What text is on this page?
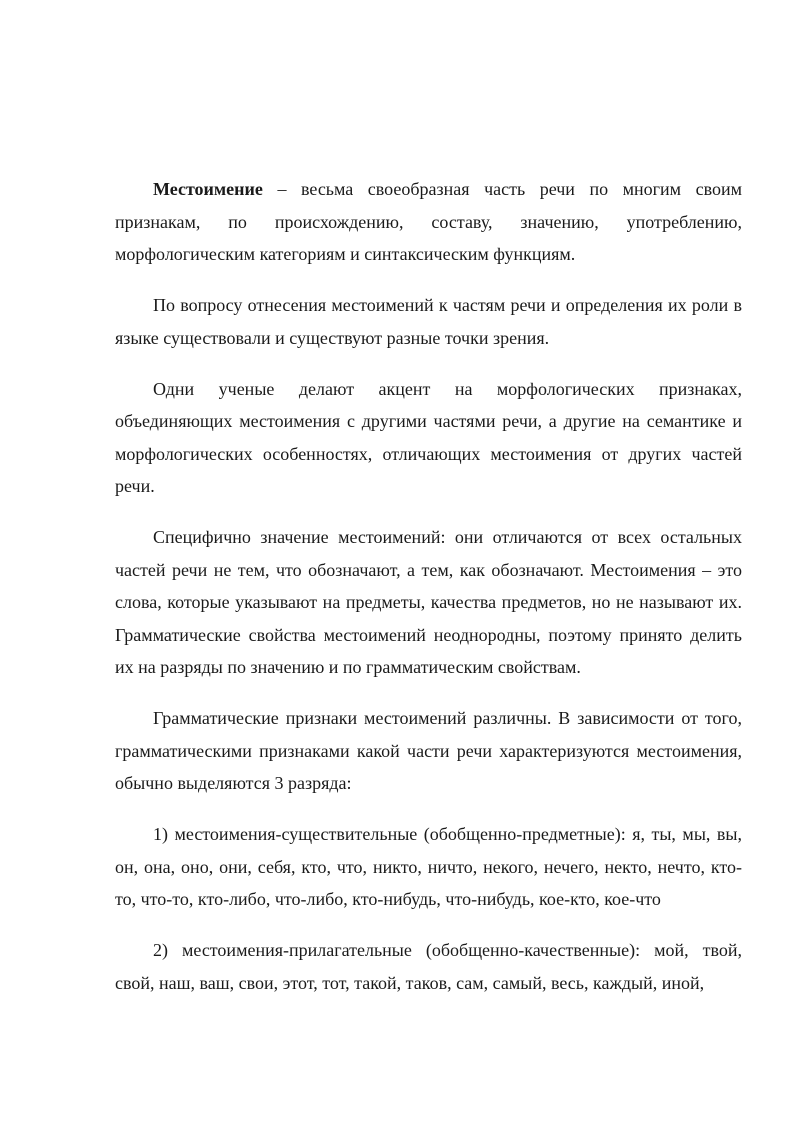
Местоимение – весьма своеобразная часть речи по многим своим признакам, по происхождению, составу, значению, употреблению, морфологическим категориям и синтаксическим функциям.

По вопросу отнесения местоимений к частям речи и определения их роли в языке существовали и существуют разные точки зрения.

Одни ученые делают акцент на морфологических признаках, объединяющих местоимения с другими частями речи, а другие на семантике и морфологических особенностях, отличающих местоимения от других частей речи.

Специфично значение местоимений: они отличаются от всех остальных частей речи не тем, что обозначают, а тем, как обозначают. Местоимения – это слова, которые указывают на предметы, качества предметов, но не называют их. Грамматические свойства местоимений неоднородны, поэтому принято делить их на разряды по значению и по грамматическим свойствам.

Грамматические признаки местоимений различны. В зависимости от того, грамматическими признаками какой части речи характеризуются местоимения, обычно выделяются 3 разряда:

1) местоимения-существительные (обобщенно-предметные): я, ты, мы, вы, он, она, оно, они, себя, кто, что, никто, ничто, некого, нечего, некто, нечто, кто-то, что-то, кто-либо, что-либо, кто-нибудь, что-нибудь, кое-кто, кое-что

2) местоимения-прилагательные (обобщенно-качественные): мой, твой, свой, наш, ваш, свои, этот, тот, такой, таков, сам, самый, весь, каждый, иной,
